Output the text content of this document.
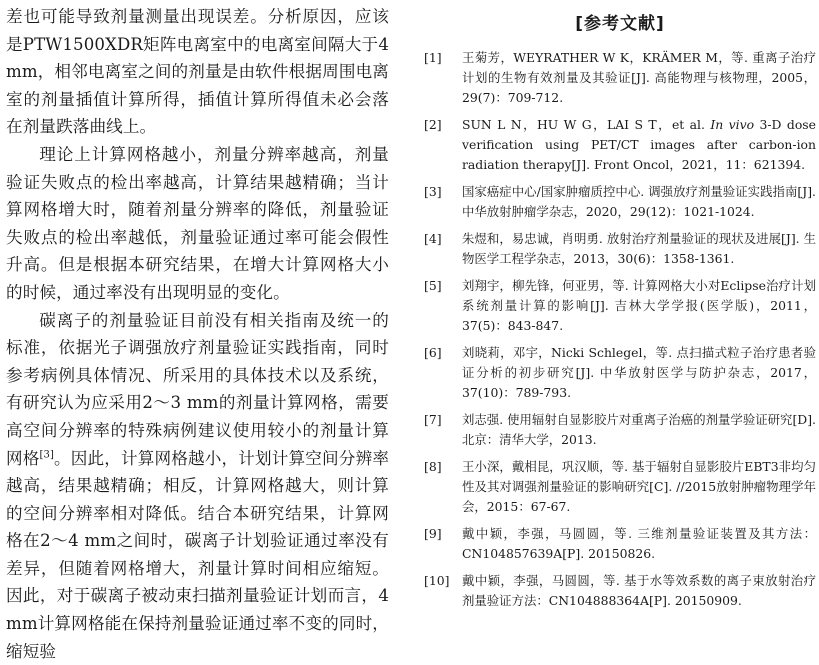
差也可能导致剂量测量出现误差。分析原因，应该是PTW1500XDR矩阵电离室中的电离室间隔大于4 mm，相邻电离室之间的剂量是由软件根据周围电离室的剂量插值计算所得，插值计算所得值未必会落在剂量跌落曲线上。

理论上计算网格越小，剂量分辨率越高，剂量验证失败点的检出率越高，计算结果越精确；当计算网格增大时，随着剂量分辨率的降低，剂量验证失败点的检出率越低，剂量验证通过率可能会假性升高。但是根据本研究结果，在增大计算网格大小的时候，通过率没有出现明显的变化。

碳离子的剂量验证目前没有相关指南及统一的标准，依据光子调强放疗剂量验证实践指南，同时参考病例具体情况、所采用的具体技术以及系统，有研究认为应采用2～3 mm的剂量计算网格，需要高空间分辨率的特殊病例建议使用较小的剂量计算网格[3]。因此，计算网格越小，计划计算空间分辨率越高，结果越精确；相反，计算网格越大，则计算的空间分辨率相对降低。结合本研究结果，计算网格在2～4 mm之间时，碳离子计划验证通过率没有差异，但随着网格增大，剂量计算时间相应缩短。因此，对于碳离子被动束扫描剂量验证计划而言，4 mm计算网格能在保持剂量验证通过率不变的同时，缩短验

[参考文献]
[1]	王菊芳，WEYRATHER W K，KRÄMER M，等. 重离子治疗计划的生物有效剂量及其验证[J]. 高能物理与核物理，2005，29(7)：709-712.
[2]	SUN L N，HU W G，LAI S T，et al. In vivo 3-D dose verification using PET/CT images after carbon-ion radiation therapy[J]. Front Oncol，2021，11：621394.
[3]	国家癌症中心/国家肿瘤质控中心. 调强放疗剂量验证实践指南[J]. 中华放射肿瘤学杂志，2020，29(12)：1021-1024.
[4]	朱煜和，易忠诚，肖明勇. 放射治疗剂量验证的现状及进展[J]. 生物医学工程学杂志，2013，30(6)：1358-1361.
[5]	刘翔宇，柳先锋，何亚男，等. 计算网格大小对Eclipse治疗计划系统剂量计算的影响[J]. 吉林大学学报(医学版)，2011，37(5)：843-847.
[6]	刘晓莉，邓宇，Nicki Schlegel，等. 点扫描式粒子治疗患者验证分析的初步研究[J]. 中华放射医学与防护杂志，2017，37(10)：789-793.
[7]	刘志强. 使用辐射自显影胶片对重离子治癌的剂量学验证研究[D]. 北京：清华大学，2013.
[8]	王小深，戴相昆，巩汉顺，等. 基于辐射自显影胶片EBT3非均匀性及其对调强剂量验证的影响研究[C]. //2015放射肿瘤物理学年会，2015：67-67.
[9]	戴中颖，李强，马圆圆，等. 三维剂量验证装置及其方法：CN104857639A[P]. 20150826.
[10]	戴中颖，李强，马圆圆，等. 基于水等效系数的离子束放射治疗剂量验证方法：CN104888364A[P]. 20150909.
